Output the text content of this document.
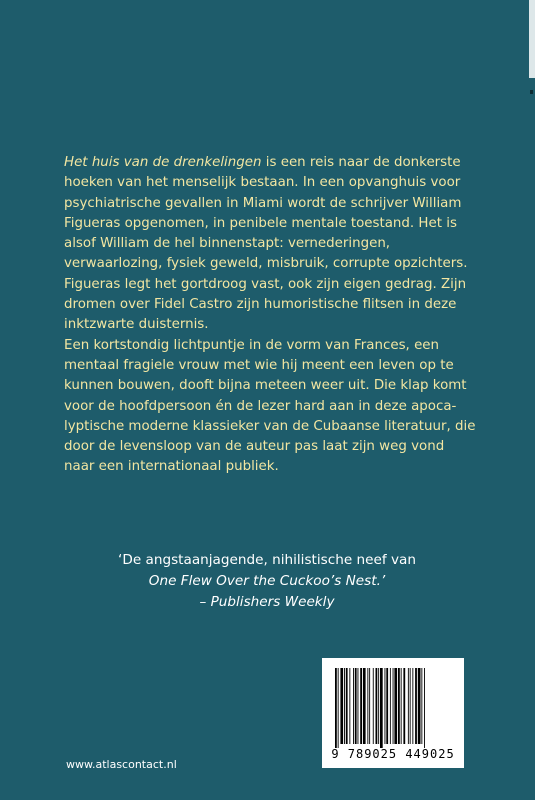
Het huis van de drenkelingen is een reis naar de donkerste hoeken van het menselijk bestaan. In een opvanghuis voor psychiatrische gevallen in Miami wordt de schrijver William Figueras opgenomen, in penibele mentale toestand. Het is alsof William de hel binnenstapt: vernederingen, verwaarlozing, fysiek geweld, misbruik, corrupte opzichters. Figueras legt het gortdroog vast, ook zijn eigen gedrag. Zijn dromen over Fidel Castro zijn humoristische flitsen in deze inktzwarte duisternis.

Een kortstondig lichtpuntje in de vorm van Frances, een mentaal fragiele vrouw met wie hij meent een leven op te kunnen bouwen, dooft bijna meteen weer uit. Die klap komt voor de hoofdpersoon én de lezer hard aan in deze apocalyptische moderne klassieker van de Cubaanse literatuur, die door de levensloop van de auteur pas laat zijn weg vond naar een internationaal publiek.

‘De angstaanjagende, nihilistische neef van
One Flew Over the Cuckoo’s Nest.’
– Publishers Weekly
9 789025 449025
www.atlascontact.nl
